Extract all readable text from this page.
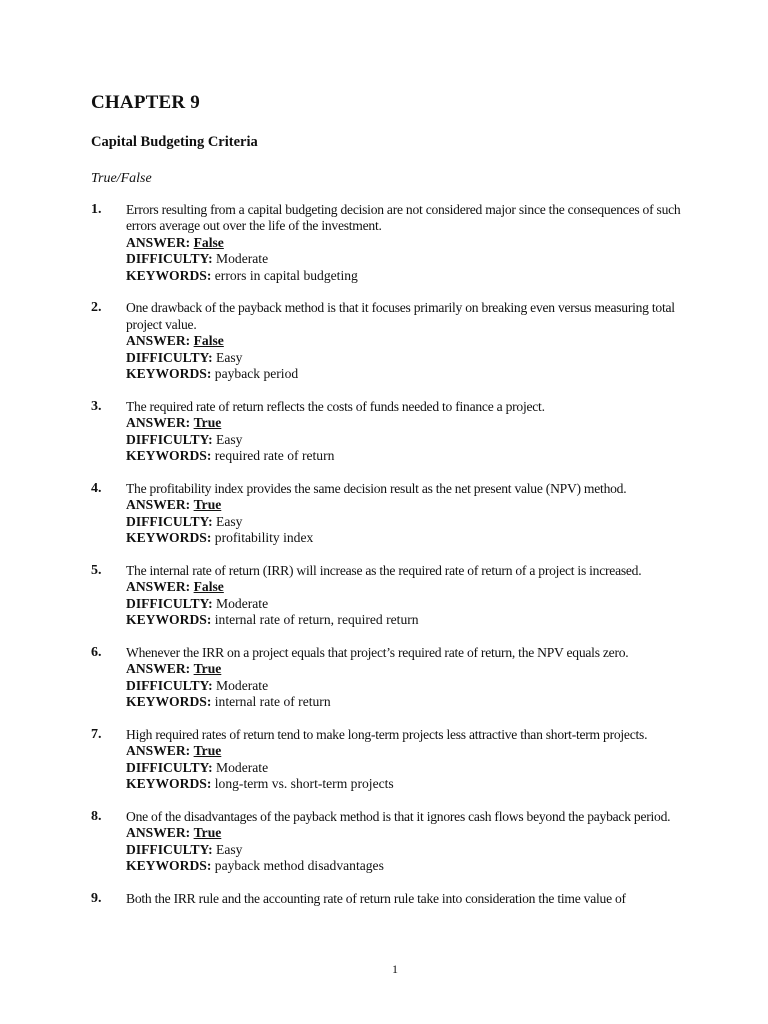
CHAPTER 9
Capital Budgeting Criteria
True/False
1.	Errors resulting from a capital budgeting decision are not considered major since the consequences of such errors average out over the life of the investment.
ANSWER: False
DIFFICULTY: Moderate
KEYWORDS: errors in capital budgeting
2.	One drawback of the payback method is that it focuses primarily on breaking even versus measuring total project value.
ANSWER: False
DIFFICULTY: Easy
KEYWORDS: payback period
3.	The required rate of return reflects the costs of funds needed to finance a project.
ANSWER: True
DIFFICULTY: Easy
KEYWORDS: required rate of return
4.	The profitability index provides the same decision result as the net present value (NPV) method.
ANSWER: True
DIFFICULTY: Easy
KEYWORDS: profitability index
5.	The internal rate of return (IRR) will increase as the required rate of return of a project is increased.
ANSWER: False
DIFFICULTY: Moderate
KEYWORDS: internal rate of return, required return
6.	Whenever the IRR on a project equals that project’s required rate of return, the NPV equals zero.
ANSWER: True
DIFFICULTY: Moderate
KEYWORDS: internal rate of return
7.	High required rates of return tend to make long-term projects less attractive than short-term projects.
ANSWER: True
DIFFICULTY: Moderate
KEYWORDS: long-term vs. short-term projects
8.	One of the disadvantages of the payback method is that it ignores cash flows beyond the payback period.
ANSWER: True
DIFFICULTY: Easy
KEYWORDS: payback method disadvantages
9.	Both the IRR rule and the accounting rate of return rule take into consideration the time value of
1
